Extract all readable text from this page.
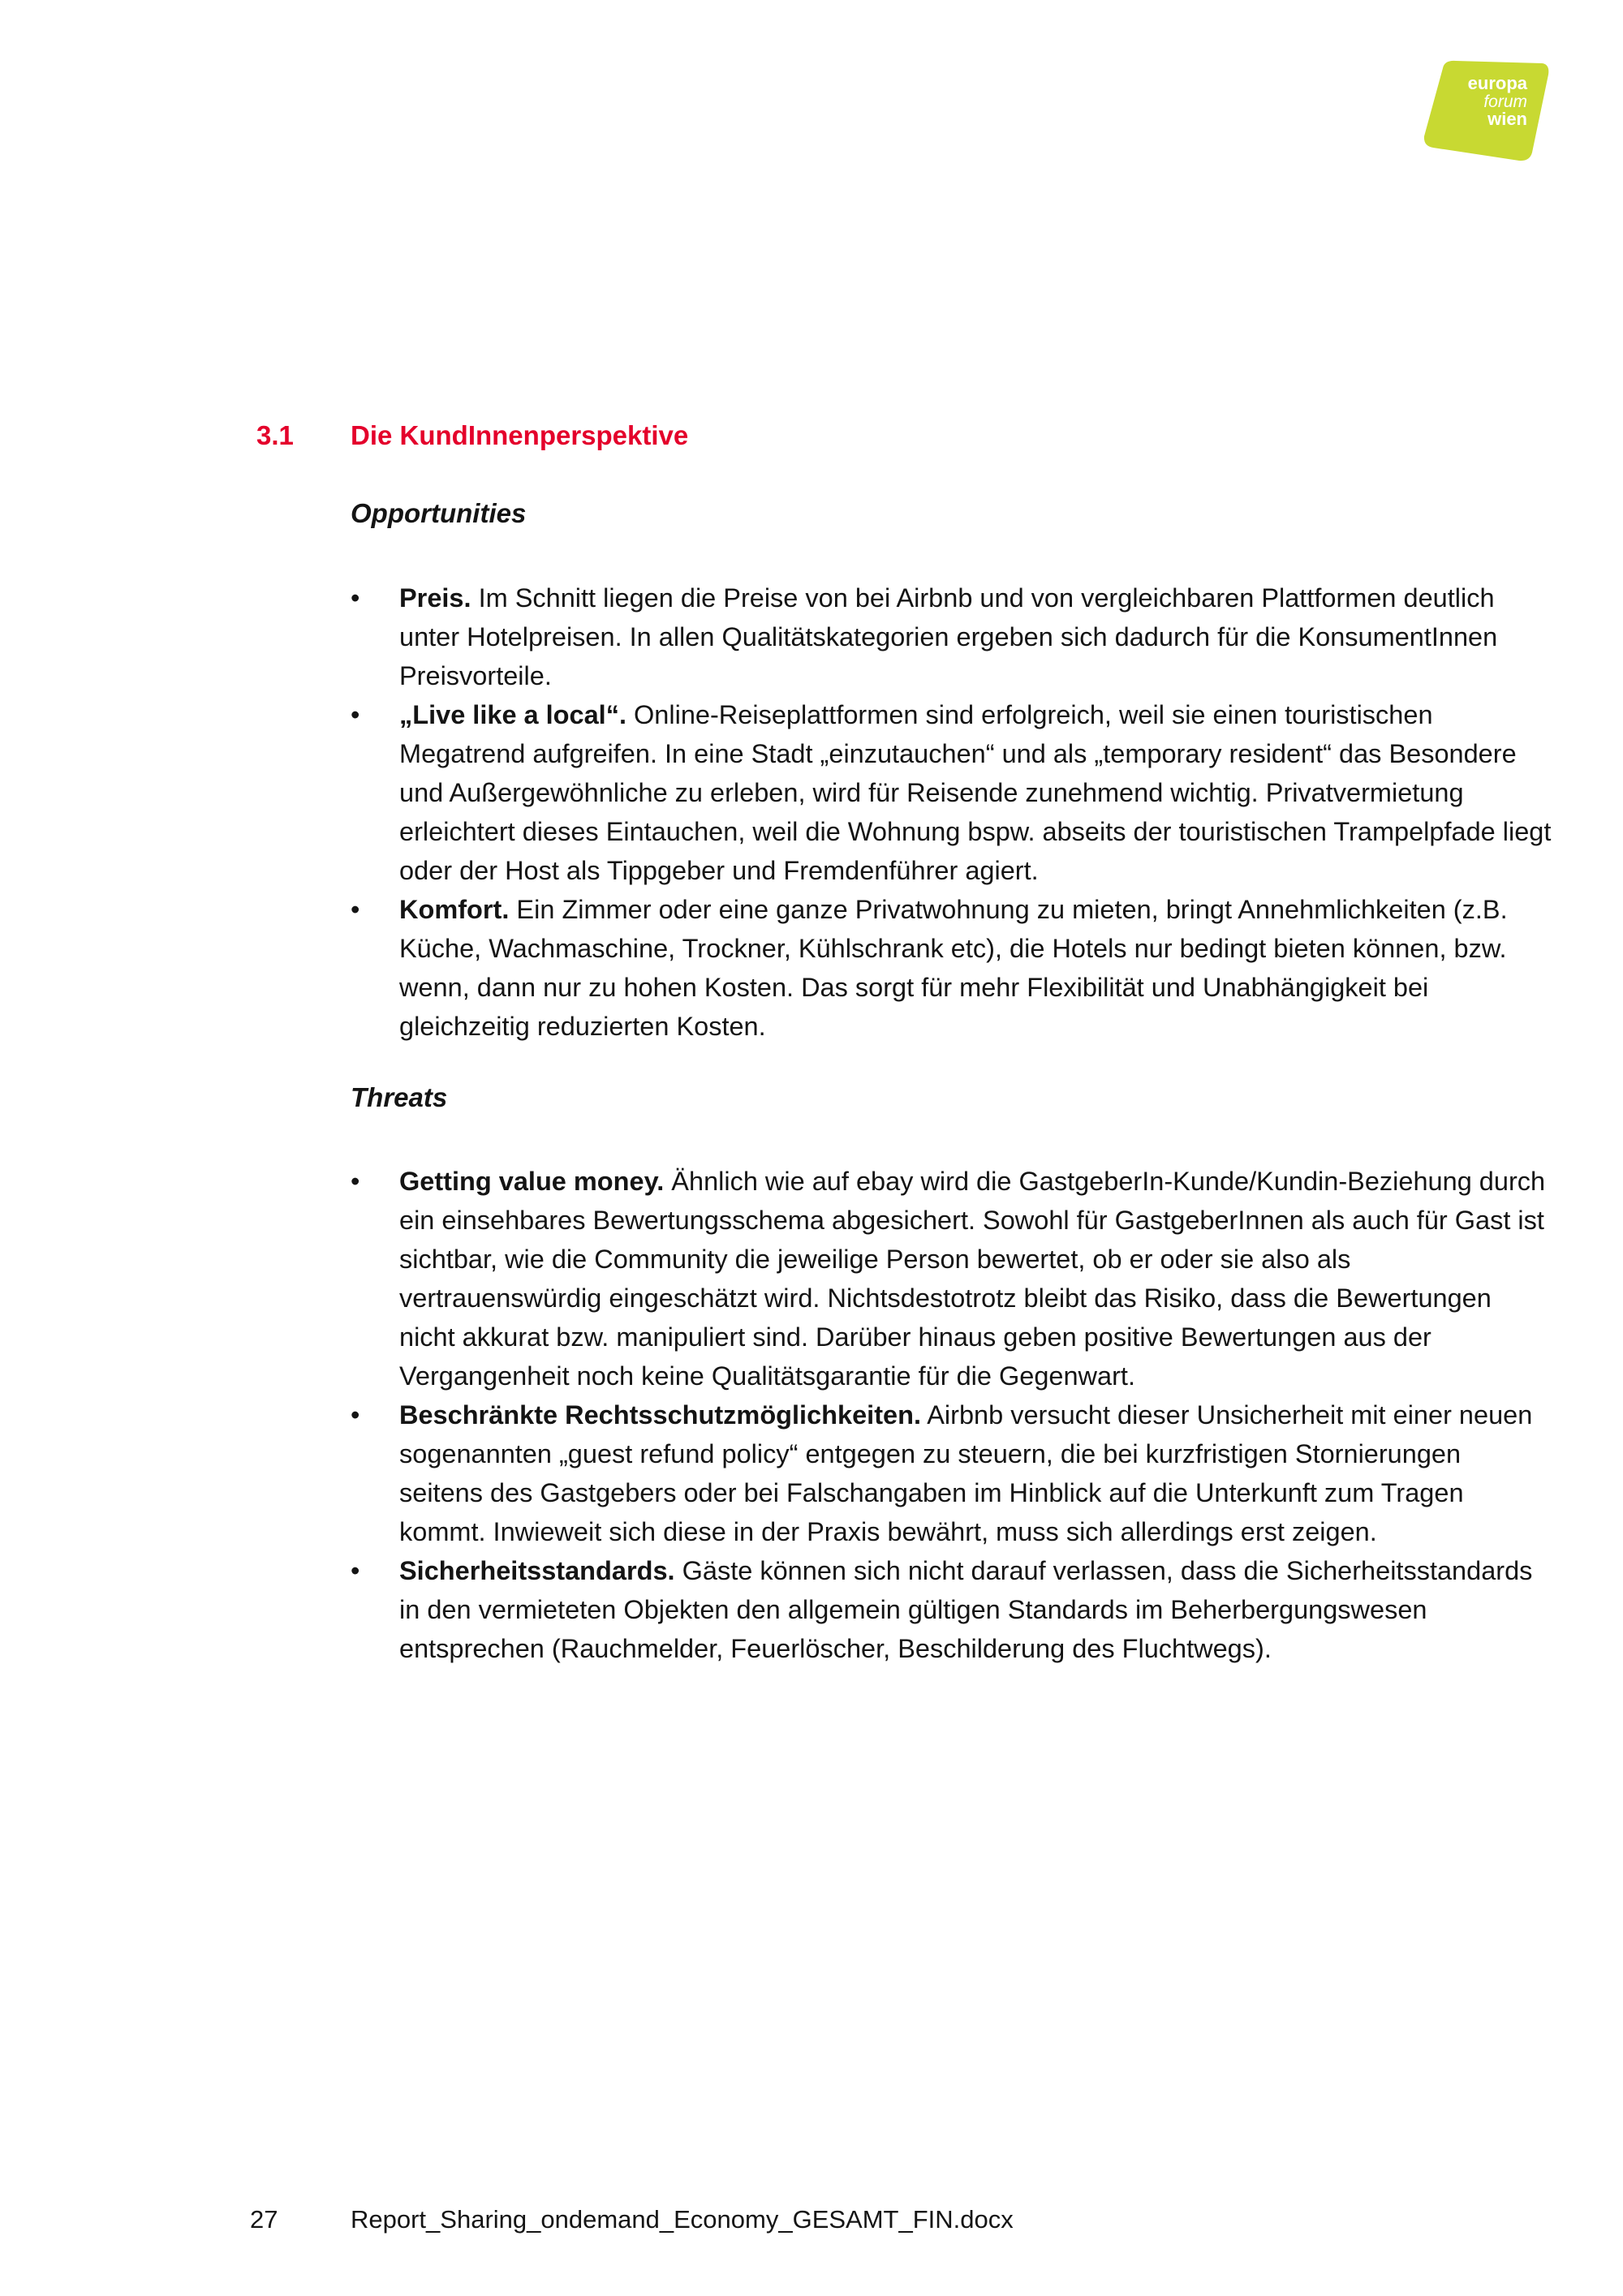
europa
forum
wien
3.1 Die KundInnenperspektive
Opportunities
• Preis. Im Schnitt liegen die Preise von bei Airbnb und von vergleichbaren Plattformen deutlich unter Hotelpreisen. In allen Qualitätskategorien ergeben sich dadurch für die KonsumentInnen Preisvorteile.
• „Live like a local“. Online-Reiseplattformen sind erfolgreich, weil sie einen touristischen Megatrend aufgreifen. In eine Stadt „einzutauchen“ und als „temporary resident“ das Besondere und Außergewöhnliche zu erleben, wird für Reisende zunehmend wichtig. Privatvermietung erleichtert dieses Eintauchen, weil die Wohnung bspw. abseits der touristischen Trampelpfade liegt oder der Host als Tippgeber und Fremdenführer agiert.
• Komfort. Ein Zimmer oder eine ganze Privatwohnung zu mieten, bringt Annehmlichkeiten (z.B. Küche, Wachmaschine, Trockner, Kühlschrank etc), die Hotels nur bedingt bieten können, bzw. wenn, dann nur zu hohen Kosten. Das sorgt für mehr Flexibilität und Unabhängigkeit bei gleichzeitig reduzierten Kosten.
Threats
• Getting value money. Ähnlich wie auf ebay wird die GastgeberIn-Kunde/Kundin-Beziehung durch ein einsehbares Bewertungsschema abgesichert. Sowohl für GastgeberInnen als auch für Gast ist sichtbar, wie die Community die jeweilige Person bewertet, ob er oder sie also als vertrauenswürdig eingeschätzt wird. Nichtsdestotrotz bleibt das Risiko, dass die Bewertungen nicht akkurat bzw. manipuliert sind. Darüber hinaus geben positive Bewertungen aus der Vergangenheit noch keine Qualitätsgarantie für die Gegenwart.
• Beschränkte Rechtsschutzmöglichkeiten. Airbnb versucht dieser Unsicherheit mit einer neuen sogenannten „guest refund policy“ entgegen zu steuern, die bei kurzfristigen Stornierungen seitens des Gastgebers oder bei Falschangaben im Hinblick auf die Unterkunft zum Tragen kommt. Inwieweit sich diese in der Praxis bewährt, muss sich allerdings erst zeigen.
• Sicherheitsstandards. Gäste können sich nicht darauf verlassen, dass die Sicherheitsstandards in den vermieteten Objekten den allgemein gültigen Standards im Beherbergungswesen entsprechen (Rauchmelder, Feuerlöscher, Beschilderung des Fluchtwegs).
27	Report_Sharing_ondemand_Economy_GESAMT_FIN.docx
